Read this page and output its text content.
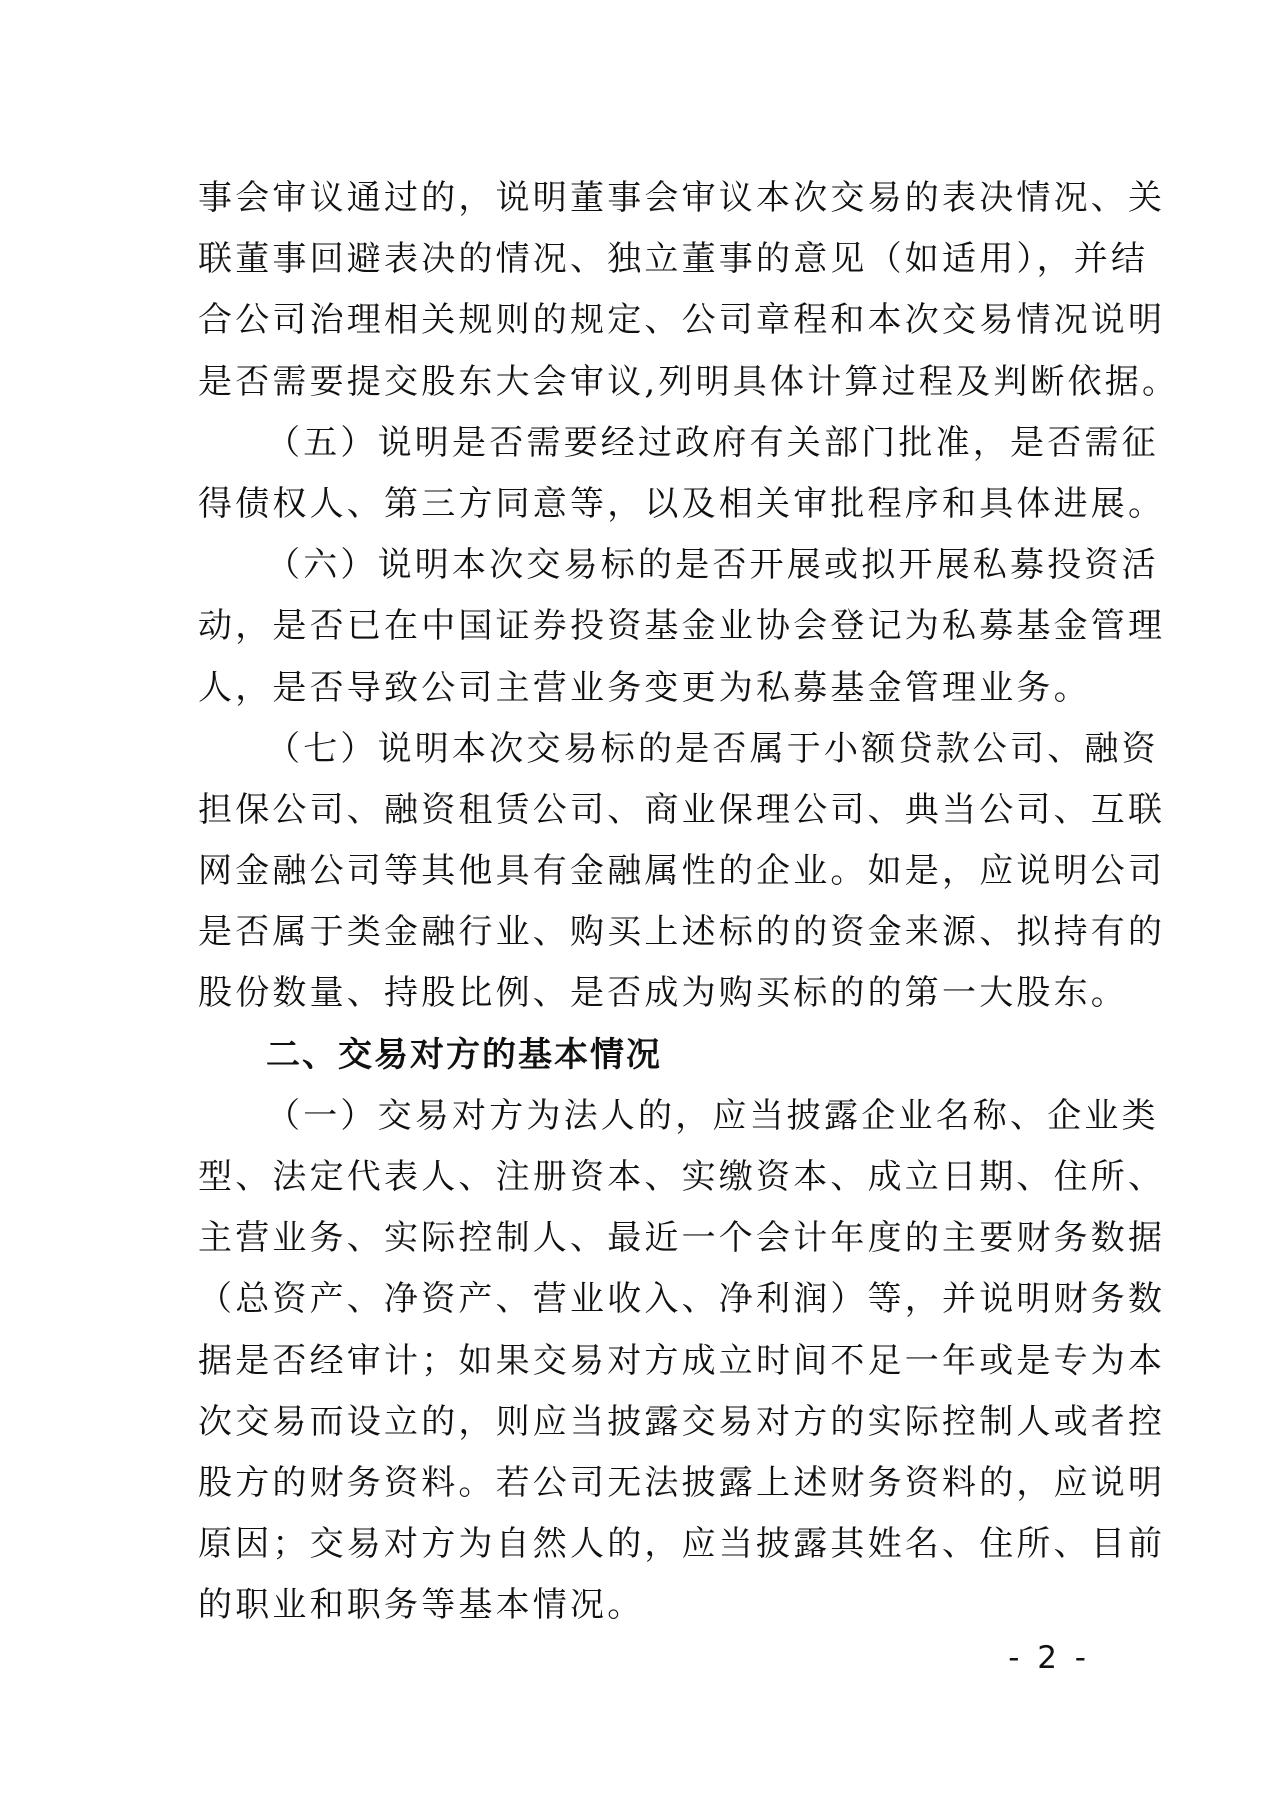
事会审议通过的，说明董事会审议本次交易的表决情况、关
联董事回避表决的情况、独立董事的意见（如适用），并结
合公司治理相关规则的规定、公司章程和本次交易情况说明
是否需要提交股东大会审议,列明具体计算过程及判断依据。
（五）说明是否需要经过政府有关部门批准，是否需征
得债权人、第三方同意等，以及相关审批程序和具体进展。
（六）说明本次交易标的是否开展或拟开展私募投资活
动，是否已在中国证券投资基金业协会登记为私募基金管理
人，是否导致公司主营业务变更为私募基金管理业务。
（七）说明本次交易标的是否属于小额贷款公司、融资
担保公司、融资租赁公司、商业保理公司、典当公司、互联
网金融公司等其他具有金融属性的企业。如是，应说明公司
是否属于类金融行业、购买上述标的的资金来源、拟持有的
股份数量、持股比例、是否成为购买标的的第一大股东。
二、交易对方的基本情况
（一）交易对方为法人的，应当披露企业名称、企业类
型、法定代表人、注册资本、实缴资本、成立日期、住所、
主营业务、实际控制人、最近一个会计年度的主要财务数据
（总资产、净资产、营业收入、净利润）等，并说明财务数
据是否经审计；如果交易对方成立时间不足一年或是专为本
次交易而设立的，则应当披露交易对方的实际控制人或者控
股方的财务资料。若公司无法披露上述财务资料的，应说明
原因；交易对方为自然人的，应当披露其姓名、住所、目前
的职业和职务等基本情况。
- 2 -
